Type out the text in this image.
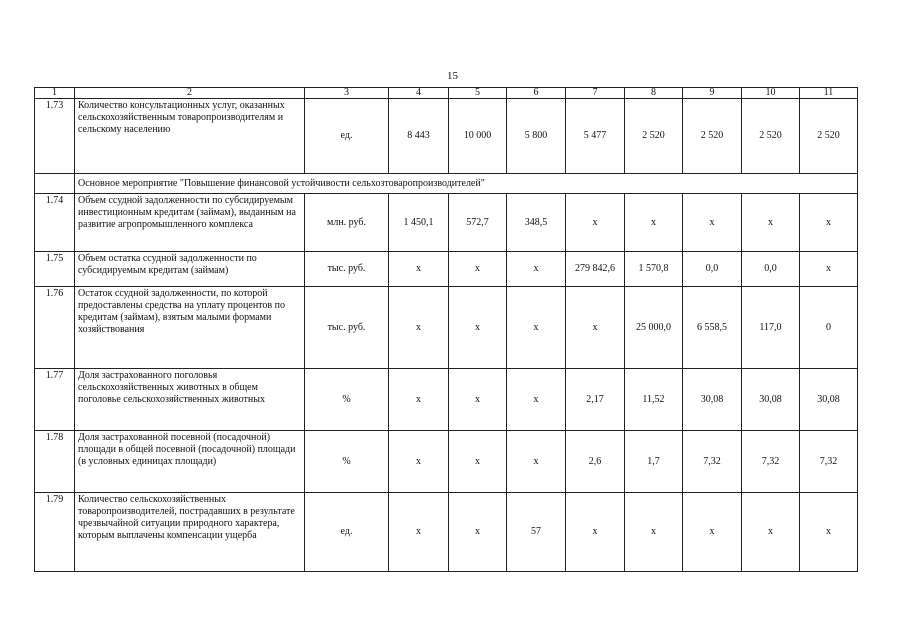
15
1	2	3	4	5	6	7	8	9	10	11
1.73	Количество консультационных услуг, оказанных сельскохозяйственным товаропроизводителям и сельскому населению	ед.	8 443	10 000	5 800	5 477	2 520	2 520	2 520	2 520
	Основное мероприятие "Повышение финансовой устойчивости сельхозтоваропроизводителей"									
1.74	Объем ссудной задолженности по субсидируемым инвестиционным кредитам (займам), выданным на развитие агропромышленного комплекса	млн. руб.	1 450,1	572,7	348,5	х	х	х	х	х
1.75	Объем остатка ссудной задолженности по субсидируемым кредитам (займам)	тыс. руб.	х	х	х	279 842,6	1 570,8	0,0	0,0	х
1.76	Остаток ссудной задолженности, по которой предоставлены средства на уплату процентов по кредитам (займам), взятым малыми формами хозяйствования	тыс. руб.	х	х	х	х	25 000,0	6 558,5	117,0	0
1.77	Доля застрахованного поголовья сельскохозяйственных животных в общем поголовье сельскохозяйственных животных	%	х	х	х	2,17	11,52	30,08	30,08	30,08
1.78	Доля застрахованной посевной (посадочной) площади в общей посевной (посадочной) площади (в условных единицах площади)	%	х	х	х	2,6	1,7	7,32	7,32	7,32
1.79	Количество сельскохозяйственных товаропроизводителей, пострадавших в результате чрезвычайной ситуации природного характера, которым выплачены компенсации ущерба	ед.	х	х	57	х	х	х	х	х
